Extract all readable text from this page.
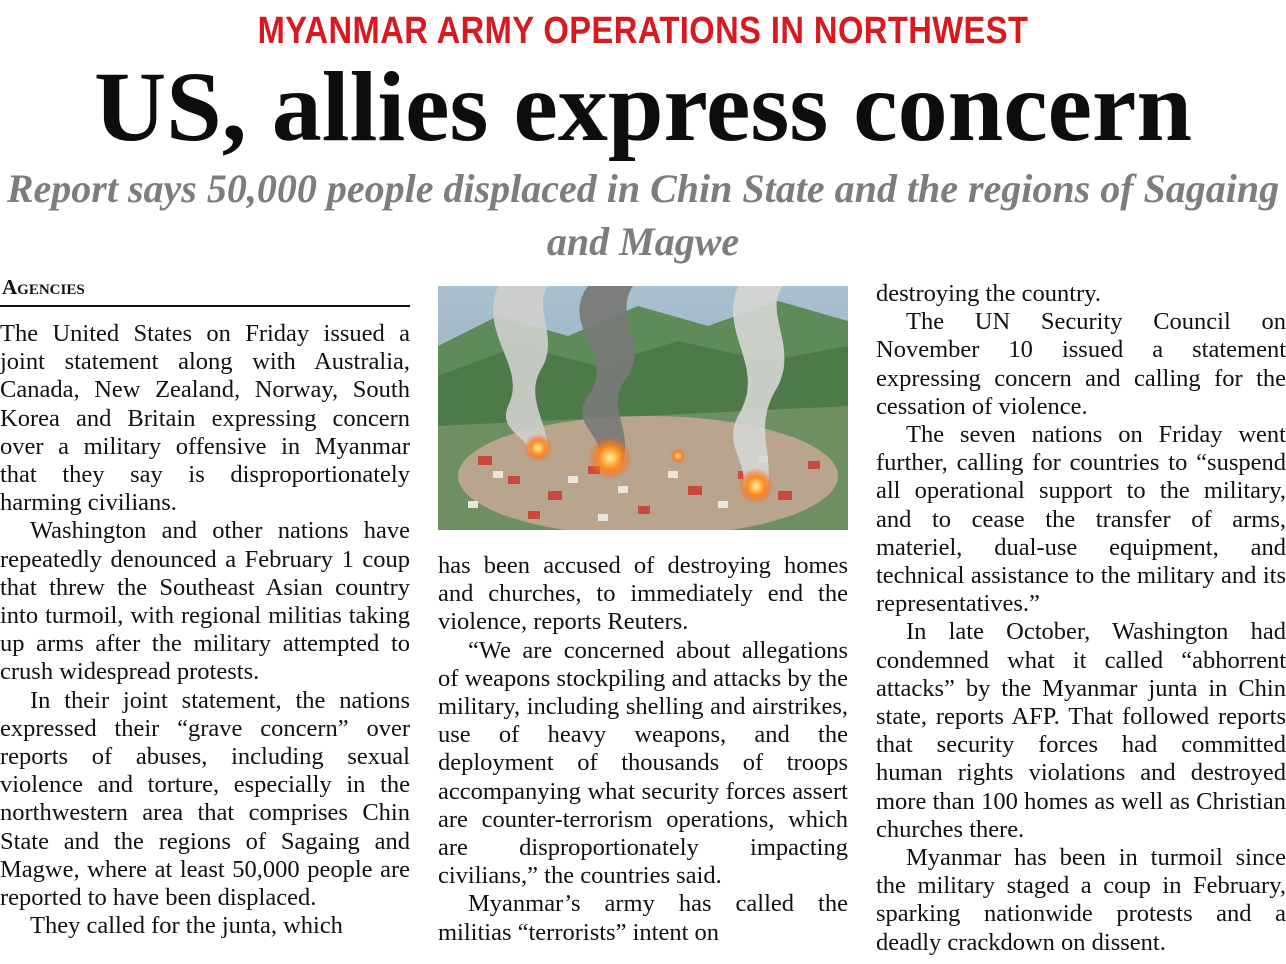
MYANMAR ARMY OPERATIONS IN NORTHWEST
US, allies express concern
Report says 50,000 people displaced in Chin State and the regions of Sagaing and Magwe
Agencies

The United States on Friday issued a joint statement along with Australia, Canada, New Zealand, Norway, South Korea and Britain expressing concern over a military offensive in Myanmar that they say is disproportionately harming civilians.

Washington and other nations have repeatedly denounced a February 1 coup that threw the Southeast Asian country into turmoil, with regional militias taking up arms after the military attempted to crush widespread protests.

In their joint statement, the nations expressed their “grave concern” over reports of abuses, including sexual violence and torture, especially in the northwestern area that comprises Chin State and the regions of Sagaing and Magwe, where at least 50,000 people are reported to have been displaced.

They called for the junta, which

has been accused of destroying homes and churches, to immediately end the violence, reports Reuters.

“We are concerned about allegations of weapons stockpiling and attacks by the military, including shelling and airstrikes, use of heavy weapons, and the deployment of thousands of troops accompanying what security forces assert are counter-terrorism operations, which are disproportionately impacting civilians,” the countries said.

Myanmar’s army has called the militias “terrorists” intent on

destroying the country.

The UN Security Council on November 10 issued a statement expressing concern and calling for the cessation of violence.

The seven nations on Friday went further, calling for countries to “suspend all operational support to the military, and to cease the transfer of arms, materiel, dual-use equipment, and technical assistance to the military and its representatives.”

In late October, Washington had condemned what it called “abhorrent attacks” by the Myanmar junta in Chin state, reports AFP. That followed reports that security forces had committed human rights violations and destroyed more than 100 homes as well as Christian churches there.

Myanmar has been in turmoil since the military staged a coup in February, sparking nationwide protests and a deadly crackdown on dissent.
